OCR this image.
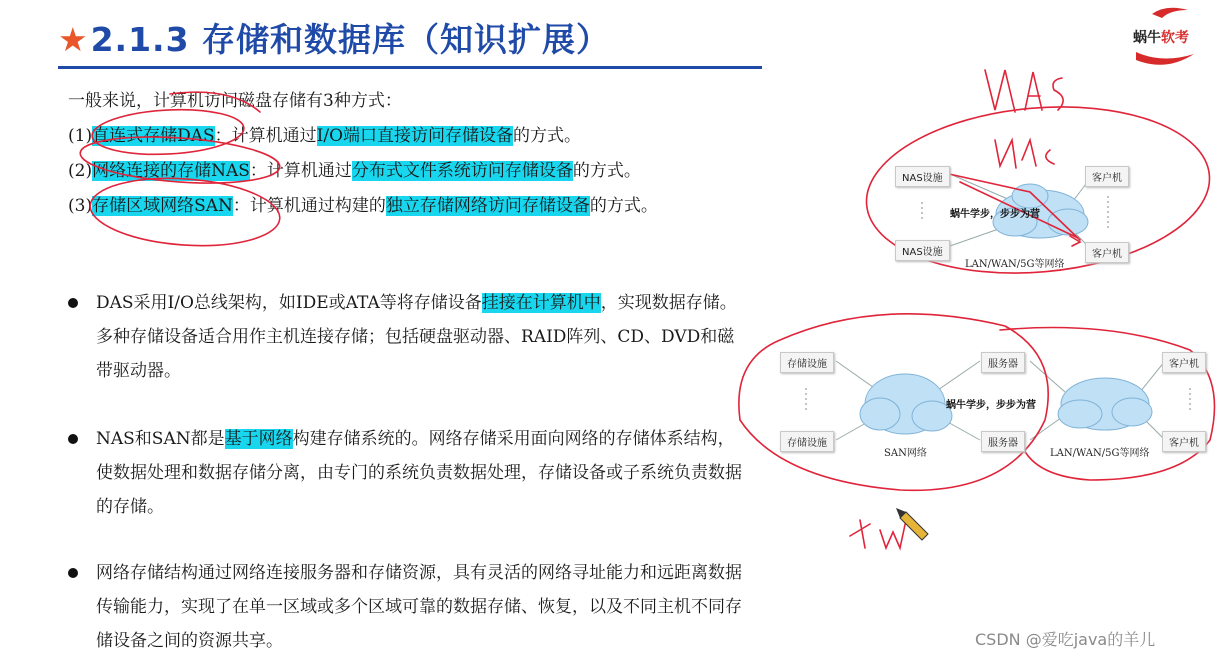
★2.1.3 存储和数据库（知识扩展）	蜗牛软考

一般来说，计算机访问磁盘存储有3种方式：

(1)直连式存储DAS：计算机通过I/O端口直接访问存储设备的方式。

(2)网络连接的存储NAS：计算机通过分布式文件系统访问存储设备的方式。

(3)存储区域网络SAN：计算机通过构建的独立存储网络访问存储设备的方式。

DAS采用I/O总线架构，如IDE或ATA等将存储设备挂接在计算机中，实现数据存储。多种存储设备适合用作主机连接存储；包括硬盘驱动器、RAID阵列、CD、DVD和磁带驱动器。
NAS和SAN都是基于网络构建存储系统的。网络存储采用面向网络的存储体系结构，使数据处理和数据存储分离，由专门的系统负责数据处理，存储设备或子系统负责数据的存储。
网络存储结构通过网络连接服务器和存储资源，具有灵活的网络寻址能力和远距离数据传输能力，实现了在单一区域或多个区域可靠的数据存储、恢复，以及不同主机不同存储设备之间的资源共享。
NAS设施
NAS设施
客户机
客户机
蜗牛学步，步步为营
LAN/WAN/5G等网络
存储设施
存储设施
服务器
服务器
客户机
客户机
蜗牛学步，步步为营
SAN网络	LAN/WAN/5G等网络
CSDN @爱吃java的羊儿
